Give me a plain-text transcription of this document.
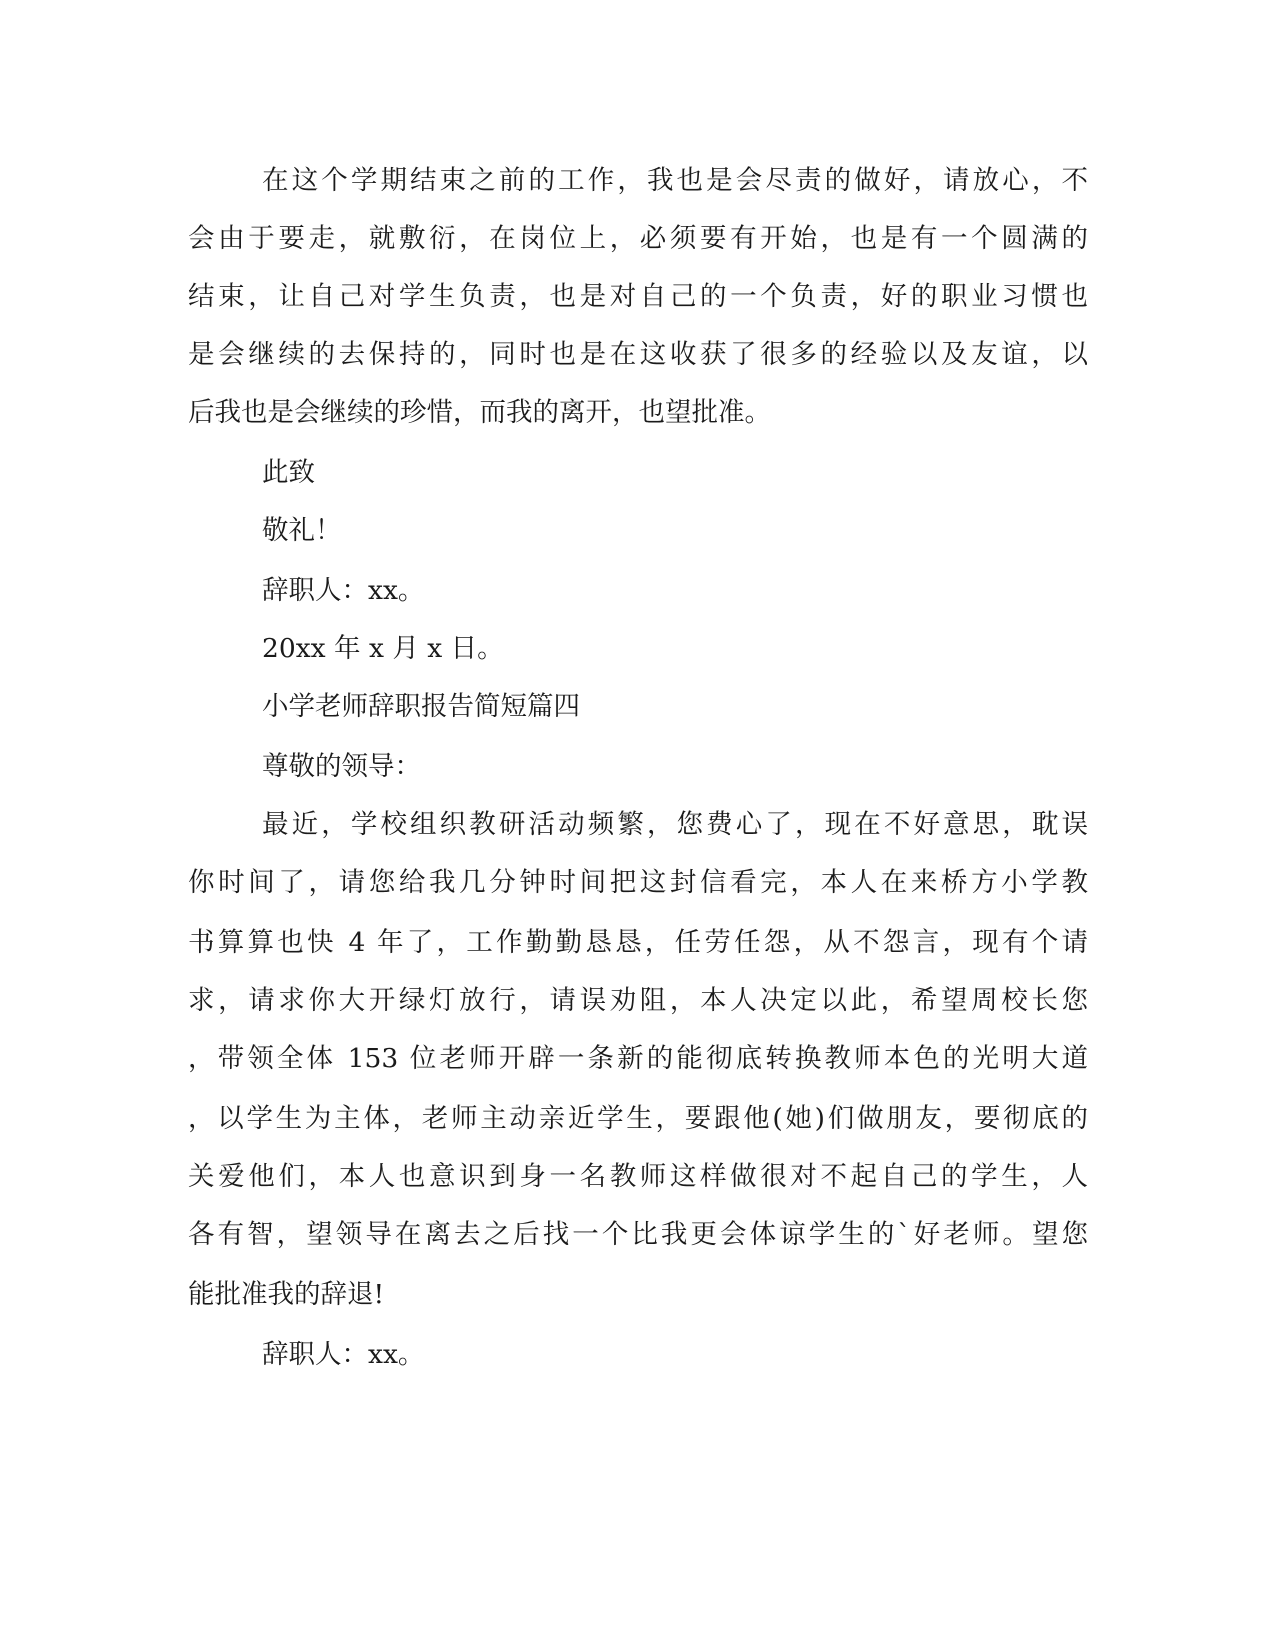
在这个学期结束之前的工作，我也是会尽责的做好，请放心，不
会由于要走，就敷衍，在岗位上，必须要有开始，也是有一个圆满的
结束，让自己对学生负责，也是对自己的一个负责，好的职业习惯也
是会继续的去保持的，同时也是在这收获了很多的经验以及友谊，以
后我也是会继续的珍惜，而我的离开，也望批准。
此致
敬礼！
辞职人：xx。
20xx 年 x 月 x 日。
小学老师辞职报告简短篇四
尊敬的领导：
最近，学校组织教研活动频繁，您费心了，现在不好意思，耽误
你时间了，请您给我几分钟时间把这封信看完，本人在来桥方小学教
书算算也快 4 年了，工作勤勤恳恳，任劳任怨，从不怨言，现有个请
求，请求你大开绿灯放行，请误劝阻，本人决定以此，希望周校长您
，带领全体 153 位老师开辟一条新的能彻底转换教师本色的光明大道
，以学生为主体，老师主动亲近学生，要跟他(她)们做朋友，要彻底的
关爱他们，本人也意识到身一名教师这样做很对不起自己的学生，人
各有智，望领导在离去之后找一个比我更会体谅学生的`好老师。望您
能批准我的辞退!
辞职人：xx。
